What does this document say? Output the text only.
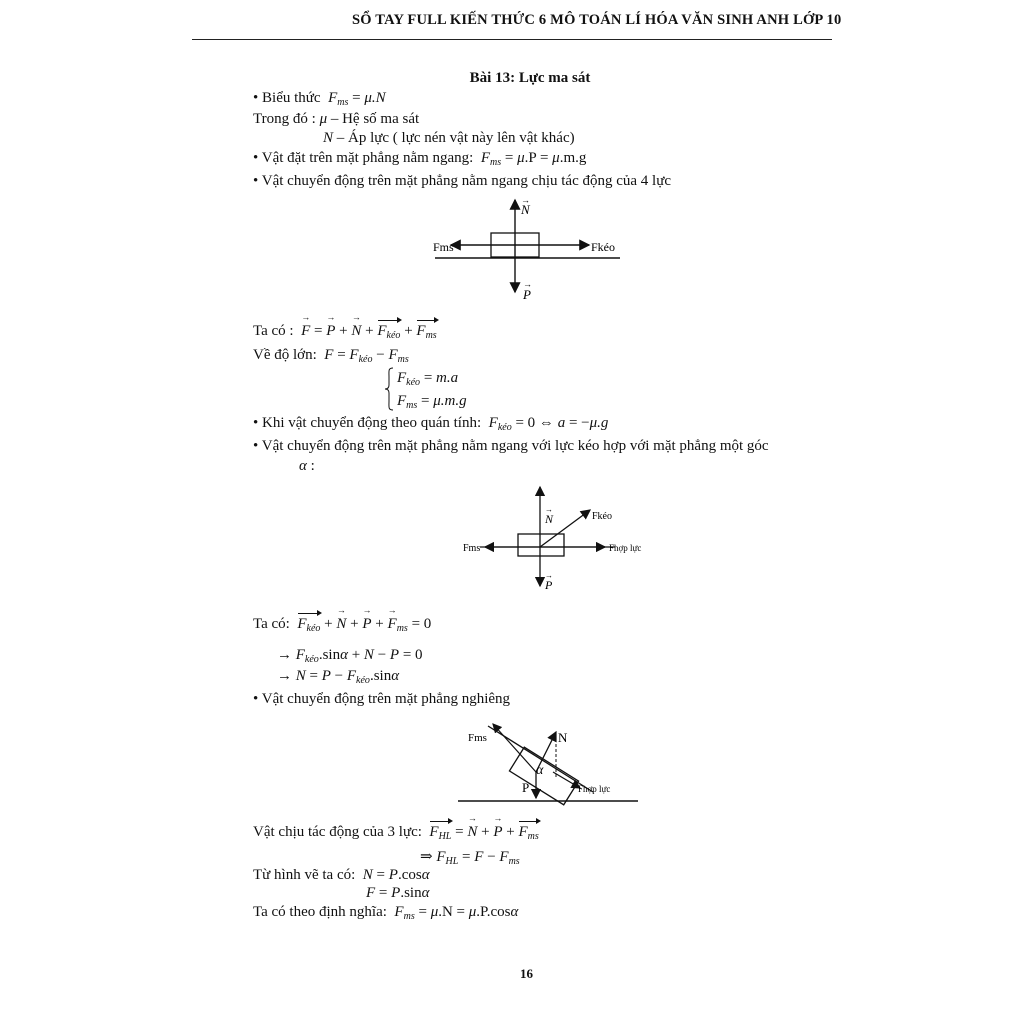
SỔ TAY FULL KIẾN THỨC 6 MÔ TOÁN LÍ HÓA VĂN SINH ANH LỚP 10
Bài 13: Lực ma sát
• Biểu thức $F_{ms} = \mu.N$
Trong đó : μ – Hệ số ma sát
N – Áp lực ( lực nén vật này lên vật khác)
• Vật đặt trên mặt phẳng nằm ngang: $F_{ms} = \mu.P = \mu.m.g$
• Vật chuyển động trên mặt phẳng nằm ngang chịu tác động của 4 lực
N
→
P
→
Fms	Fkéo
Ta có :  → F = → P + → $N + F_{kéo} + F_{ms}$
Về độ lớn: $F = F_{kéo} - F_{ms}$
$F_{kéo} = m.a$
$F_{ms} = \mu.m.g$
• Khi vật chuyển động theo quán tính: $F_{kéo} = 0$ ⇔ a = −μ.g
• Vật chuyển động trên mặt phẳng nằm ngang với lực kéo hợp với mặt phẳng một góc
α :
N
→
P
→
Fms
Fkéo
Fhợp lực
Ta có: $F_{kéo}$ + → N + → P + → $F_{ms} = 0$
→ $F_{kéo}.\sin\alpha + N - P = 0$
→ $N = P - F_{kéo}.\sin\alpha$
• Vật chuyển động trên mặt phẳng nghiêng
N
α
P
Fms
Fhợp lực
Vật chịu tác động của 3 lực: $F_{HL}$ = → N + → $P + F_{ms}$
⇒ $F_{HL} = F - F_{ms}$
Từ hình vẽ ta có: N = P.cosα
F = P.sinα
Ta có theo định nghĩa: $F_{ms} = \mu.N = \mu.P.\cos\alpha$
16
